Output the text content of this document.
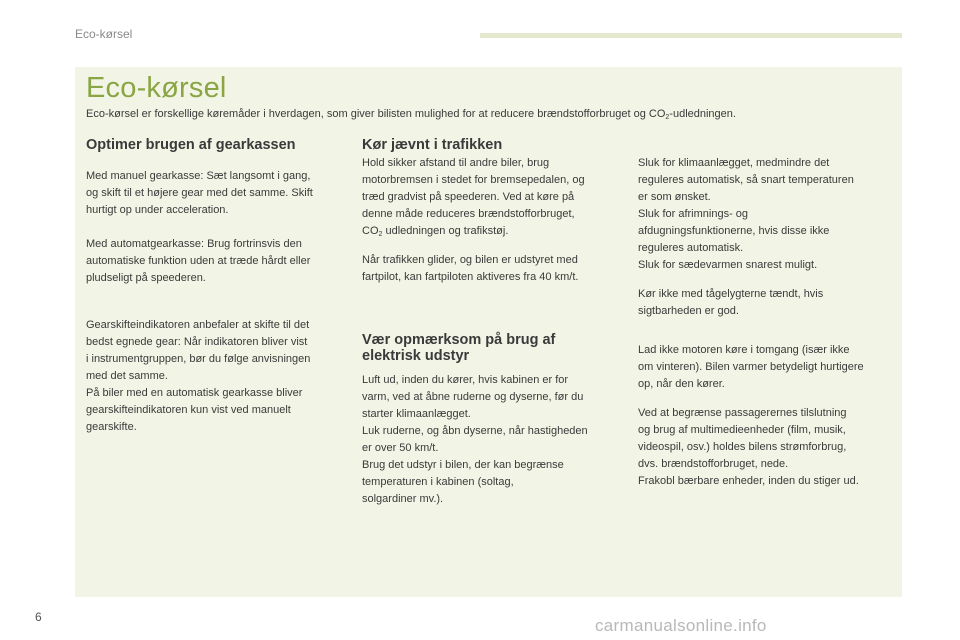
Eco-kørsel
Eco-kørsel

Eco-kørsel er forskellige køremåder i hverdagen, som giver bilisten mulighed for at reducere brændstofforbruget og $CO_2$-udledningen.

Optimer brugen af gearkassen

Med manuel gearkasse: Sæt langsomt i gang,
og skift til et højere gear med det samme. Skift
hurtigt op under acceleration.

Med automatgearkasse: Brug fortrinsvis den
automatiske funktion uden at træde hårdt eller
pludseligt på speederen.

Gearskifteindikatoren anbefaler at skifte til det
bedst egnede gear: Når indikatoren bliver vist
i instrumentgruppen, bør du følge anvisningen
med det samme.
På biler med en automatisk gearkasse bliver
gearskifteindikatoren kun vist ved manuelt
gearskifte.

Kør jævnt i trafikken

Hold sikker afstand til andre biler, brug
motorbremsen i stedet for bremsepedalen, og
træd gradvist på speederen. Ved at køre på
denne måde reduceres brændstofforbruget,
$CO_2$ udledningen og trafikstøj.

Når trafikken glider, og bilen er udstyret med
fartpilot, kan fartpiloten aktiveres fra 40 km/t.

Vær opmærksom på brug af
elektrisk udstyr

Luft ud, inden du kører, hvis kabinen er for
varm, ved at åbne ruderne og dyserne, før du
starter klimaanlægget.
Luk ruderne, og åbn dyserne, når hastigheden
er over 50 km/t.
Brug det udstyr i bilen, der kan begrænse
temperaturen i kabinen (soltag,
solgardiner mv.).

Sluk for klimaanlægget, medmindre det
reguleres automatisk, så snart temperaturen
er som ønsket.
Sluk for afrimnings- og
afdugningsfunktionerne, hvis disse ikke
reguleres automatisk.
Sluk for sædevarmen snarest muligt.

Kør ikke med tågelygterne tændt, hvis
sigtbarheden er god.

Lad ikke motoren køre i tomgang (især ikke
om vinteren). Bilen varmer betydeligt hurtigere
op, når den kører.

Ved at begrænse passagerernes tilslutning
og brug af multimedieenheder (film, musik,
videospil, osv.) holdes bilens strømforbrug,
dvs. brændstofforbruget, nede.
Frakobl bærbare enheder, inden du stiger ud.

6	carmanualsonline.info
